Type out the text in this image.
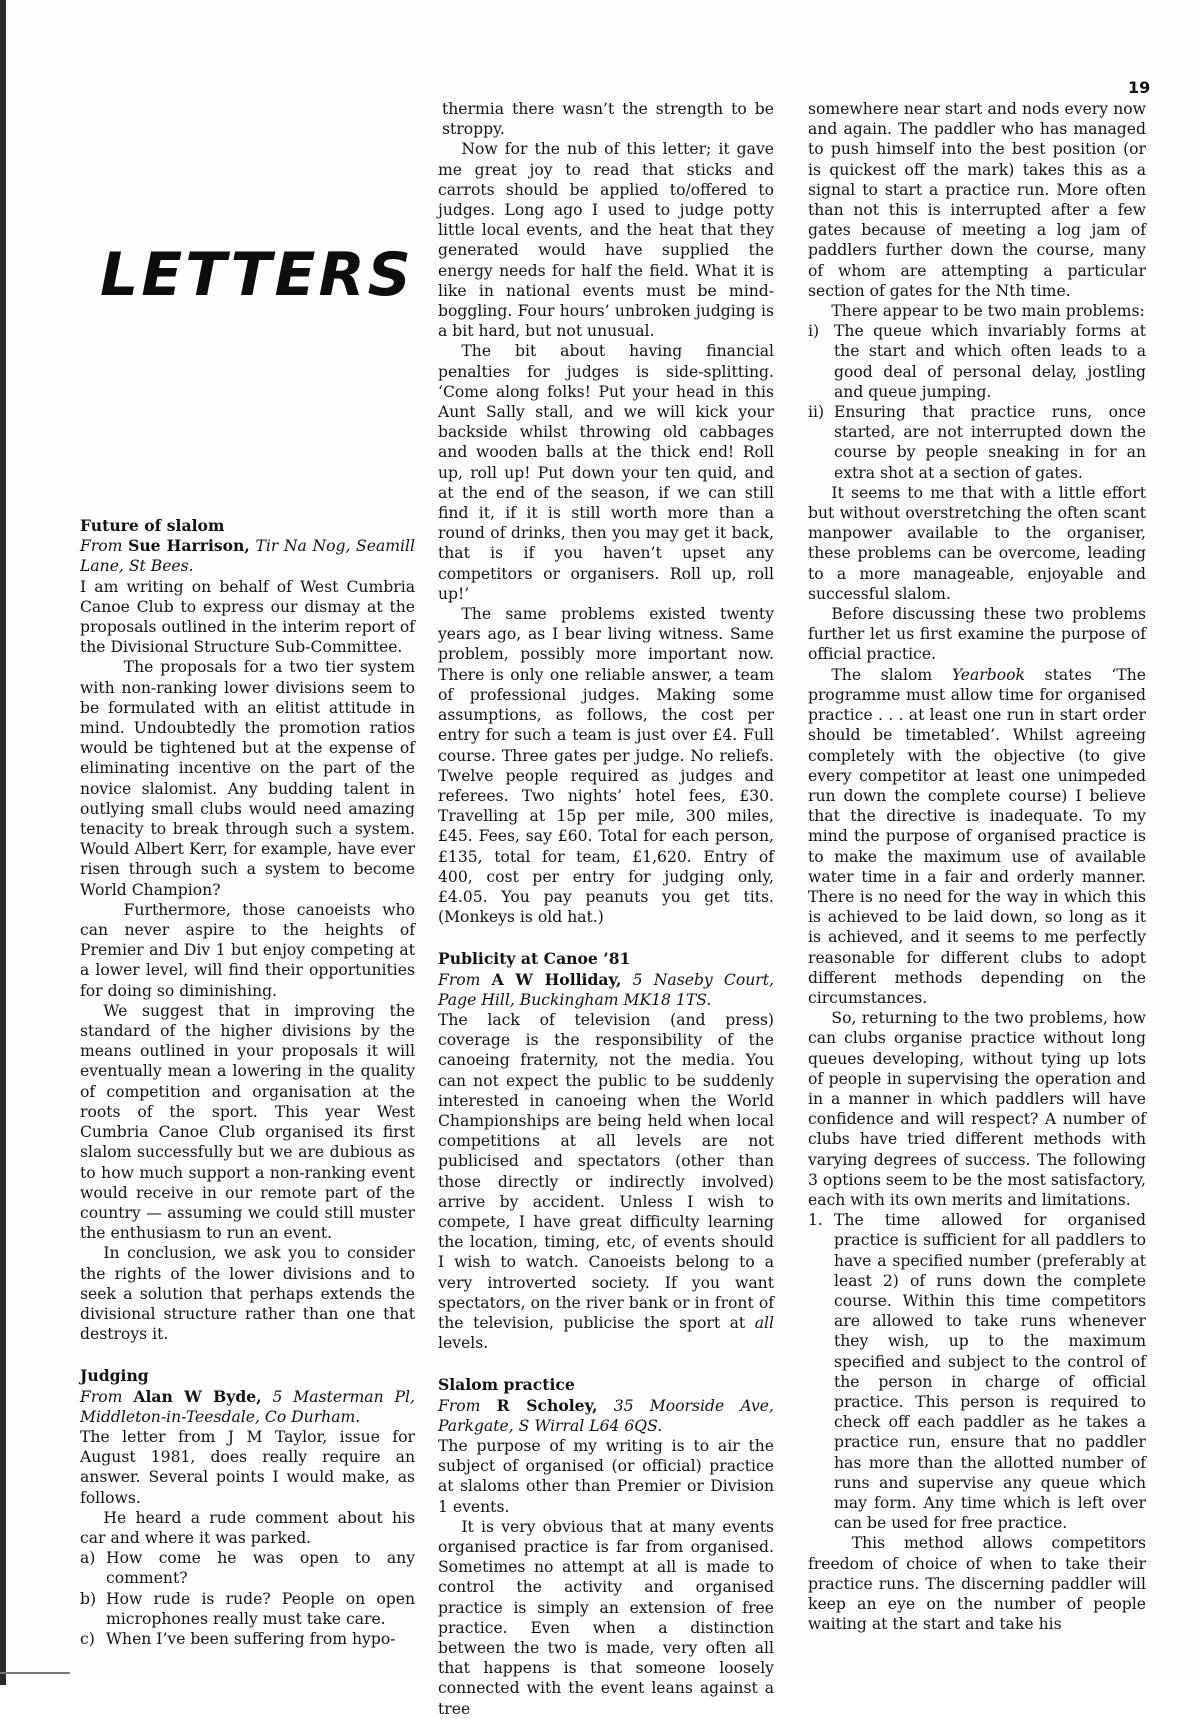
19
LETTERS
Future of slalom

From Sue Harrison, Tir Na Nog, Seamill Lane, St Bees.

I am writing on behalf of West Cumbria Canoe Club to express our dismay at the proposals outlined in the interim report of the Divisional Structure Sub-Committee.

The proposals for a two tier system with non-ranking lower divisions seem to be formulated with an elitist attitude in mind. Undoubtedly the promotion ratios would be tightened but at the expense of eliminating incentive on the part of the novice slalomist. Any budding talent in outlying small clubs would need amazing tenacity to break through such a system. Would Albert Kerr, for example, have ever risen through such a system to become World Champion?

Furthermore, those canoeists who can never aspire to the heights of Premier and Div 1 but enjoy competing at a lower level, will find their opportunities for doing so diminishing.

We suggest that in improving the standard of the higher divisions by the means outlined in your proposals it will eventually mean a lowering in the quality of competition and organisation at the roots of the sport. This year West Cumbria Canoe Club organised its first slalom successfully but we are dubious as to how much support a non-ranking event would receive in our remote part of the country — assuming we could still muster the enthusiasm to run an event.

In conclusion, we ask you to consider the rights of the lower divisions and to seek a solution that perhaps extends the divisional structure rather than one that destroys it.

Judging

From Alan W Byde, 5 Masterman Pl, Middleton-in-Teesdale, Co Durham.

The letter from J M Taylor, issue for August 1981, does really require an answer. Several points I would make, as follows.

He heard a rude comment about his car and where it was parked.

a) How come he was open to any comment?
b) How rude is rude? People on open microphones really must take care.
c) When I’ve been suffering from hypo-

thermia there wasn’t the strength to be stroppy.

Now for the nub of this letter; it gave me great joy to read that sticks and carrots should be applied to/offered to judges. Long ago I used to judge potty little local events, and the heat that they generated would have supplied the energy needs for half the field. What it is like in national events must be mind-boggling. Four hours’ unbroken judging is a bit hard, but not unusual.

The bit about having financial penalties for judges is side-splitting. ‘Come along folks! Put your head in this Aunt Sally stall, and we will kick your backside whilst throwing old cabbages and wooden balls at the thick end! Roll up, roll up! Put down your ten quid, and at the end of the season, if we can still find it, if it is still worth more than a round of drinks, then you may get it back, that is if you haven’t upset any competitors or organisers. Roll up, roll up!’

The same problems existed twenty years ago, as I bear living witness. Same problem, possibly more important now. There is only one reliable answer, a team of professional judges. Making some assumptions, as follows, the cost per entry for such a team is just over £4. Full course. Three gates per judge. No reliefs. Twelve people required as judges and referees. Two nights’ hotel fees, £30. Travelling at 15p per mile, 300 miles, £45. Fees, say £60. Total for each person, £135, total for team, £1,620. Entry of 400, cost per entry for judging only, £4.05. You pay peanuts you get tits. (Monkeys is old hat.)

Publicity at Canoe ’81

From A W Holliday, 5 Naseby Court, Page Hill, Buckingham MK18 1TS.

The lack of television (and press) coverage is the responsibility of the canoeing fraternity, not the media. You can not expect the public to be suddenly interested in canoeing when the World Championships are being held when local competitions at all levels are not publicised and spectators (other than those directly or indirectly involved) arrive by accident. Unless I wish to compete, I have great difficulty learning the location, timing, etc, of events should I wish to watch. Canoeists belong to a very introverted society. If you want spectators, on the river bank or in front of the television, publicise the sport at all levels.

Slalom practice

From R Scholey, 35 Moorside Ave, Parkgate, S Wirral L64 6QS.

The purpose of my writing is to air the subject of organised (or official) practice at slaloms other than Premier or Division 1 events.

It is very obvious that at many events organised practice is far from organised. Sometimes no attempt at all is made to control the activity and organised practice is simply an extension of free practice. Even when a distinction between the two is made, very often all that happens is that someone loosely connected with the event leans against a tree

somewhere near start and nods every now and again. The paddler who has managed to push himself into the best position (or is quickest off the mark) takes this as a signal to start a practice run. More often than not this is interrupted after a few gates because of meeting a log jam of paddlers further down the course, many of whom are attempting a particular section of gates for the Nth time.

There appear to be two main problems:

i) The queue which invariably forms at the start and which often leads to a good deal of personal delay, jostling and queue jumping.
ii) Ensuring that practice runs, once started, are not interrupted down the course by people sneaking in for an extra shot at a section of gates.

It seems to me that with a little effort but without overstretching the often scant manpower available to the organiser, these problems can be overcome, leading to a more manageable, enjoyable and successful slalom.

Before discussing these two problems further let us first examine the purpose of official practice.

The slalom Yearbook states ‘The programme must allow time for organised practice . . . at least one run in start order should be timetabled’. Whilst agreeing completely with the objective (to give every competitor at least one unimpeded run down the complete course) I believe that the directive is inadequate. To my mind the purpose of organised practice is to make the maximum use of available water time in a fair and orderly manner. There is no need for the way in which this is achieved to be laid down, so long as it is achieved, and it seems to me perfectly reasonable for different clubs to adopt different methods depending on the circumstances.

So, returning to the two problems, how can clubs organise practice without long queues developing, without tying up lots of people in supervising the operation and in a manner in which paddlers will have confidence and will respect? A number of clubs have tried different methods with varying degrees of success. The following 3 options seem to be the most satisfactory, each with its own merits and limitations.

1. The time allowed for organised practice is sufficient for all paddlers to have a specified number (preferably at least 2) of runs down the complete course. Within this time competitors are allowed to take runs whenever they wish, up to the maximum specified and subject to the control of the person in charge of official practice. This person is required to check off each paddler as he takes a practice run, ensure that no paddler has more than the allotted number of runs and supervise any queue which may form. Any time which is left over can be used for free practice.

This method allows competitors freedom of choice of when to take their practice runs. The discerning paddler will keep an eye on the number of people waiting at the start and take his
